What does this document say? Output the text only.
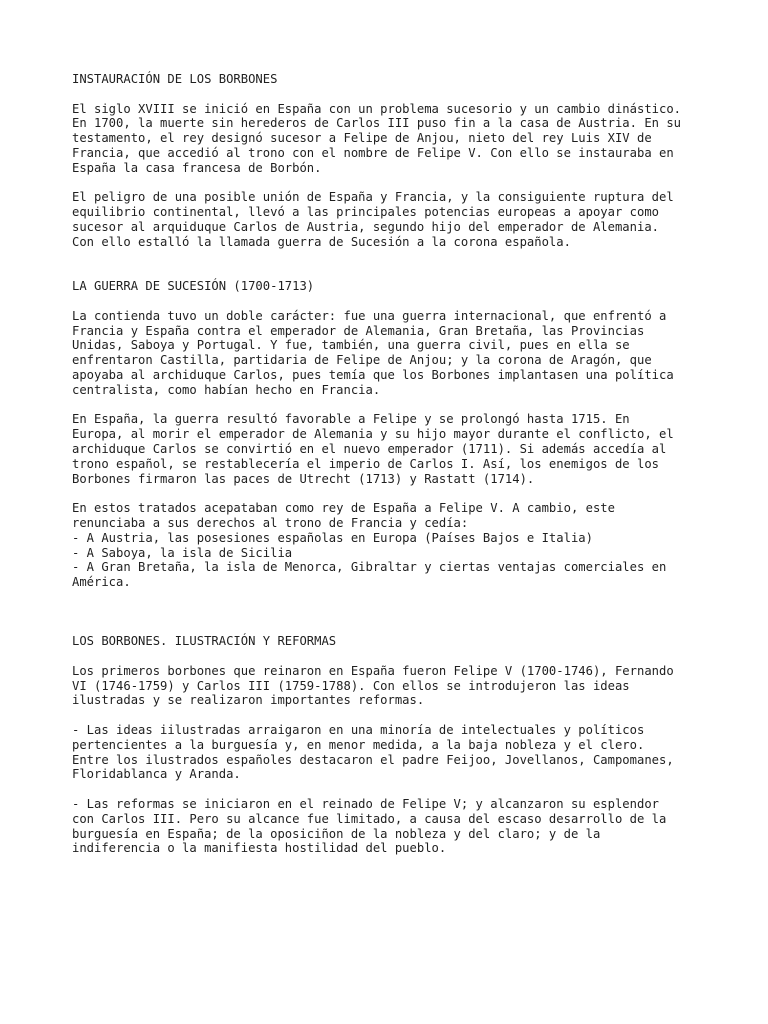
INSTAURACIÓN DE LOS BORBONES
El siglo XVIII se inició en España con un problema sucesorio y un cambio dinástico.
En 1700, la muerte sin herederos de Carlos III puso fin a la casa de Austria. En su
testamento, el rey designó sucesor a Felipe de Anjou, nieto del rey Luis XIV de
Francia, que accedió al trono con el nombre de Felipe V. Con ello se instauraba en
España la casa francesa de Borbón.
El peligro de una posible unión de España y Francia, y la consiguiente ruptura del
equilibrio continental, llevó a las principales potencias europeas a apoyar como
sucesor al arquiduque Carlos de Austria, segundo hijo del emperador de Alemania.
Con ello estalló la llamada guerra de Sucesión a la corona española.
LA GUERRA DE SUCESIÓN (1700-1713)
La contienda tuvo un doble carácter: fue una guerra internacional, que enfrentó a
Francia y España contra el emperador de Alemania, Gran Bretaña, las Provincias
Unidas, Saboya y Portugal. Y fue, también, una guerra civil, pues en ella se
enfrentaron Castilla, partidaria de Felipe de Anjou; y la corona de Aragón, que
apoyaba al archiduque Carlos, pues temía que los Borbones implantasen una política
centralista, como habían hecho en Francia.
En España, la guerra resultó favorable a Felipe y se prolongó hasta 1715. En
Europa, al morir el emperador de Alemania y su hijo mayor durante el conflicto, el
archiduque Carlos se convirtió en el nuevo emperador (1711). Si además accedía al
trono español, se restablecería el imperio de Carlos I. Así, los enemigos de los
Borbones firmaron las paces de Utrecht (1713) y Rastatt (1714).
En estos tratados acepataban como rey de España a Felipe V. A cambio, este
renunciaba a sus derechos al trono de Francia y cedía:
- A Austria, las posesiones españolas en Europa (Países Bajos e Italia)
- A Saboya, la isla de Sicilia
- A Gran Bretaña, la isla de Menorca, Gibraltar y ciertas ventajas comerciales en
América.
LOS BORBONES. ILUSTRACIÓN Y REFORMAS
Los primeros borbones que reinaron en España fueron Felipe V (1700-1746), Fernando
VI (1746-1759) y Carlos III (1759-1788). Con ellos se introdujeron las ideas
ilustradas y se realizaron importantes reformas.
- Las ideas iilustradas arraigaron en una minoría de intelectuales y políticos
pertencientes a la burguesía y, en menor medida, a la baja nobleza y el clero.
Entre los ilustrados españoles destacaron el padre Feijoo, Jovellanos, Campomanes,
Floridablanca y Aranda.
- Las reformas se iniciaron en el reinado de Felipe V; y alcanzaron su esplendor
con Carlos III. Pero su alcance fue limitado, a causa del escaso desarrollo de la
burguesía en España; de la oposiciñon de la nobleza y del claro; y de la
indiferencia o la manifiesta hostilidad del pueblo.
